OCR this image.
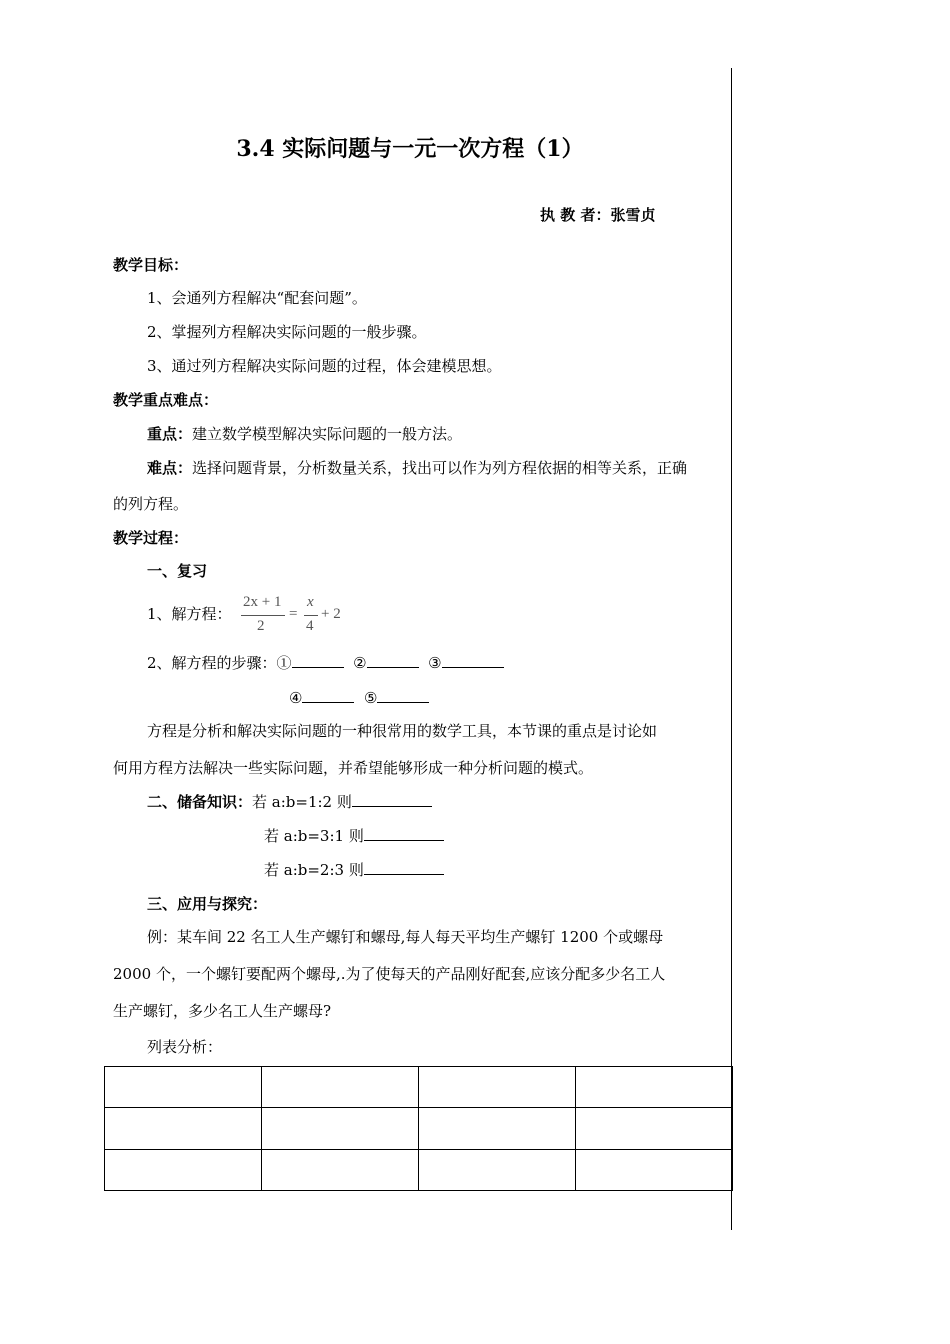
3.4 实际问题与一元一次方程（1）
执 教 者：张雪贞
教学目标：
1、会通列方程解决“配套问题”。
2、掌握列方程解决实际问题的一般步骤。
3、通过列方程解决实际问题的过程，体会建模思想。
教学重点难点：
重点：建立数学模型解决实际问题的一般方法。
难点：选择问题背景，分析数量关系，找出可以作为列方程依据的相等关系，正确
的列方程。
教学过程：
一、复习
1、解方程：
2x + 1
2
=
x
4
+ 2
2、解方程的步骤：①	②	③
④	⑤
方程是分析和解决实际问题的一种很常用的数学工具，本节课的重点是讨论如
何用方程方法解决一些实际问题，并希望能够形成一种分析问题的模式。
二、储备知识：若 a:b=1:2 则
若 a:b=3:1 则
若 a:b=2:3 则
三、应用与探究：
例：某车间 22 名工人生产螺钉和螺母,每人每天平均生产螺钉 1200 个或螺母
2000 个，一个螺钉要配两个螺母,.为了使每天的产品刚好配套,应该分配多少名工人
生产螺钉，多少名工人生产螺母?
列表分析：
